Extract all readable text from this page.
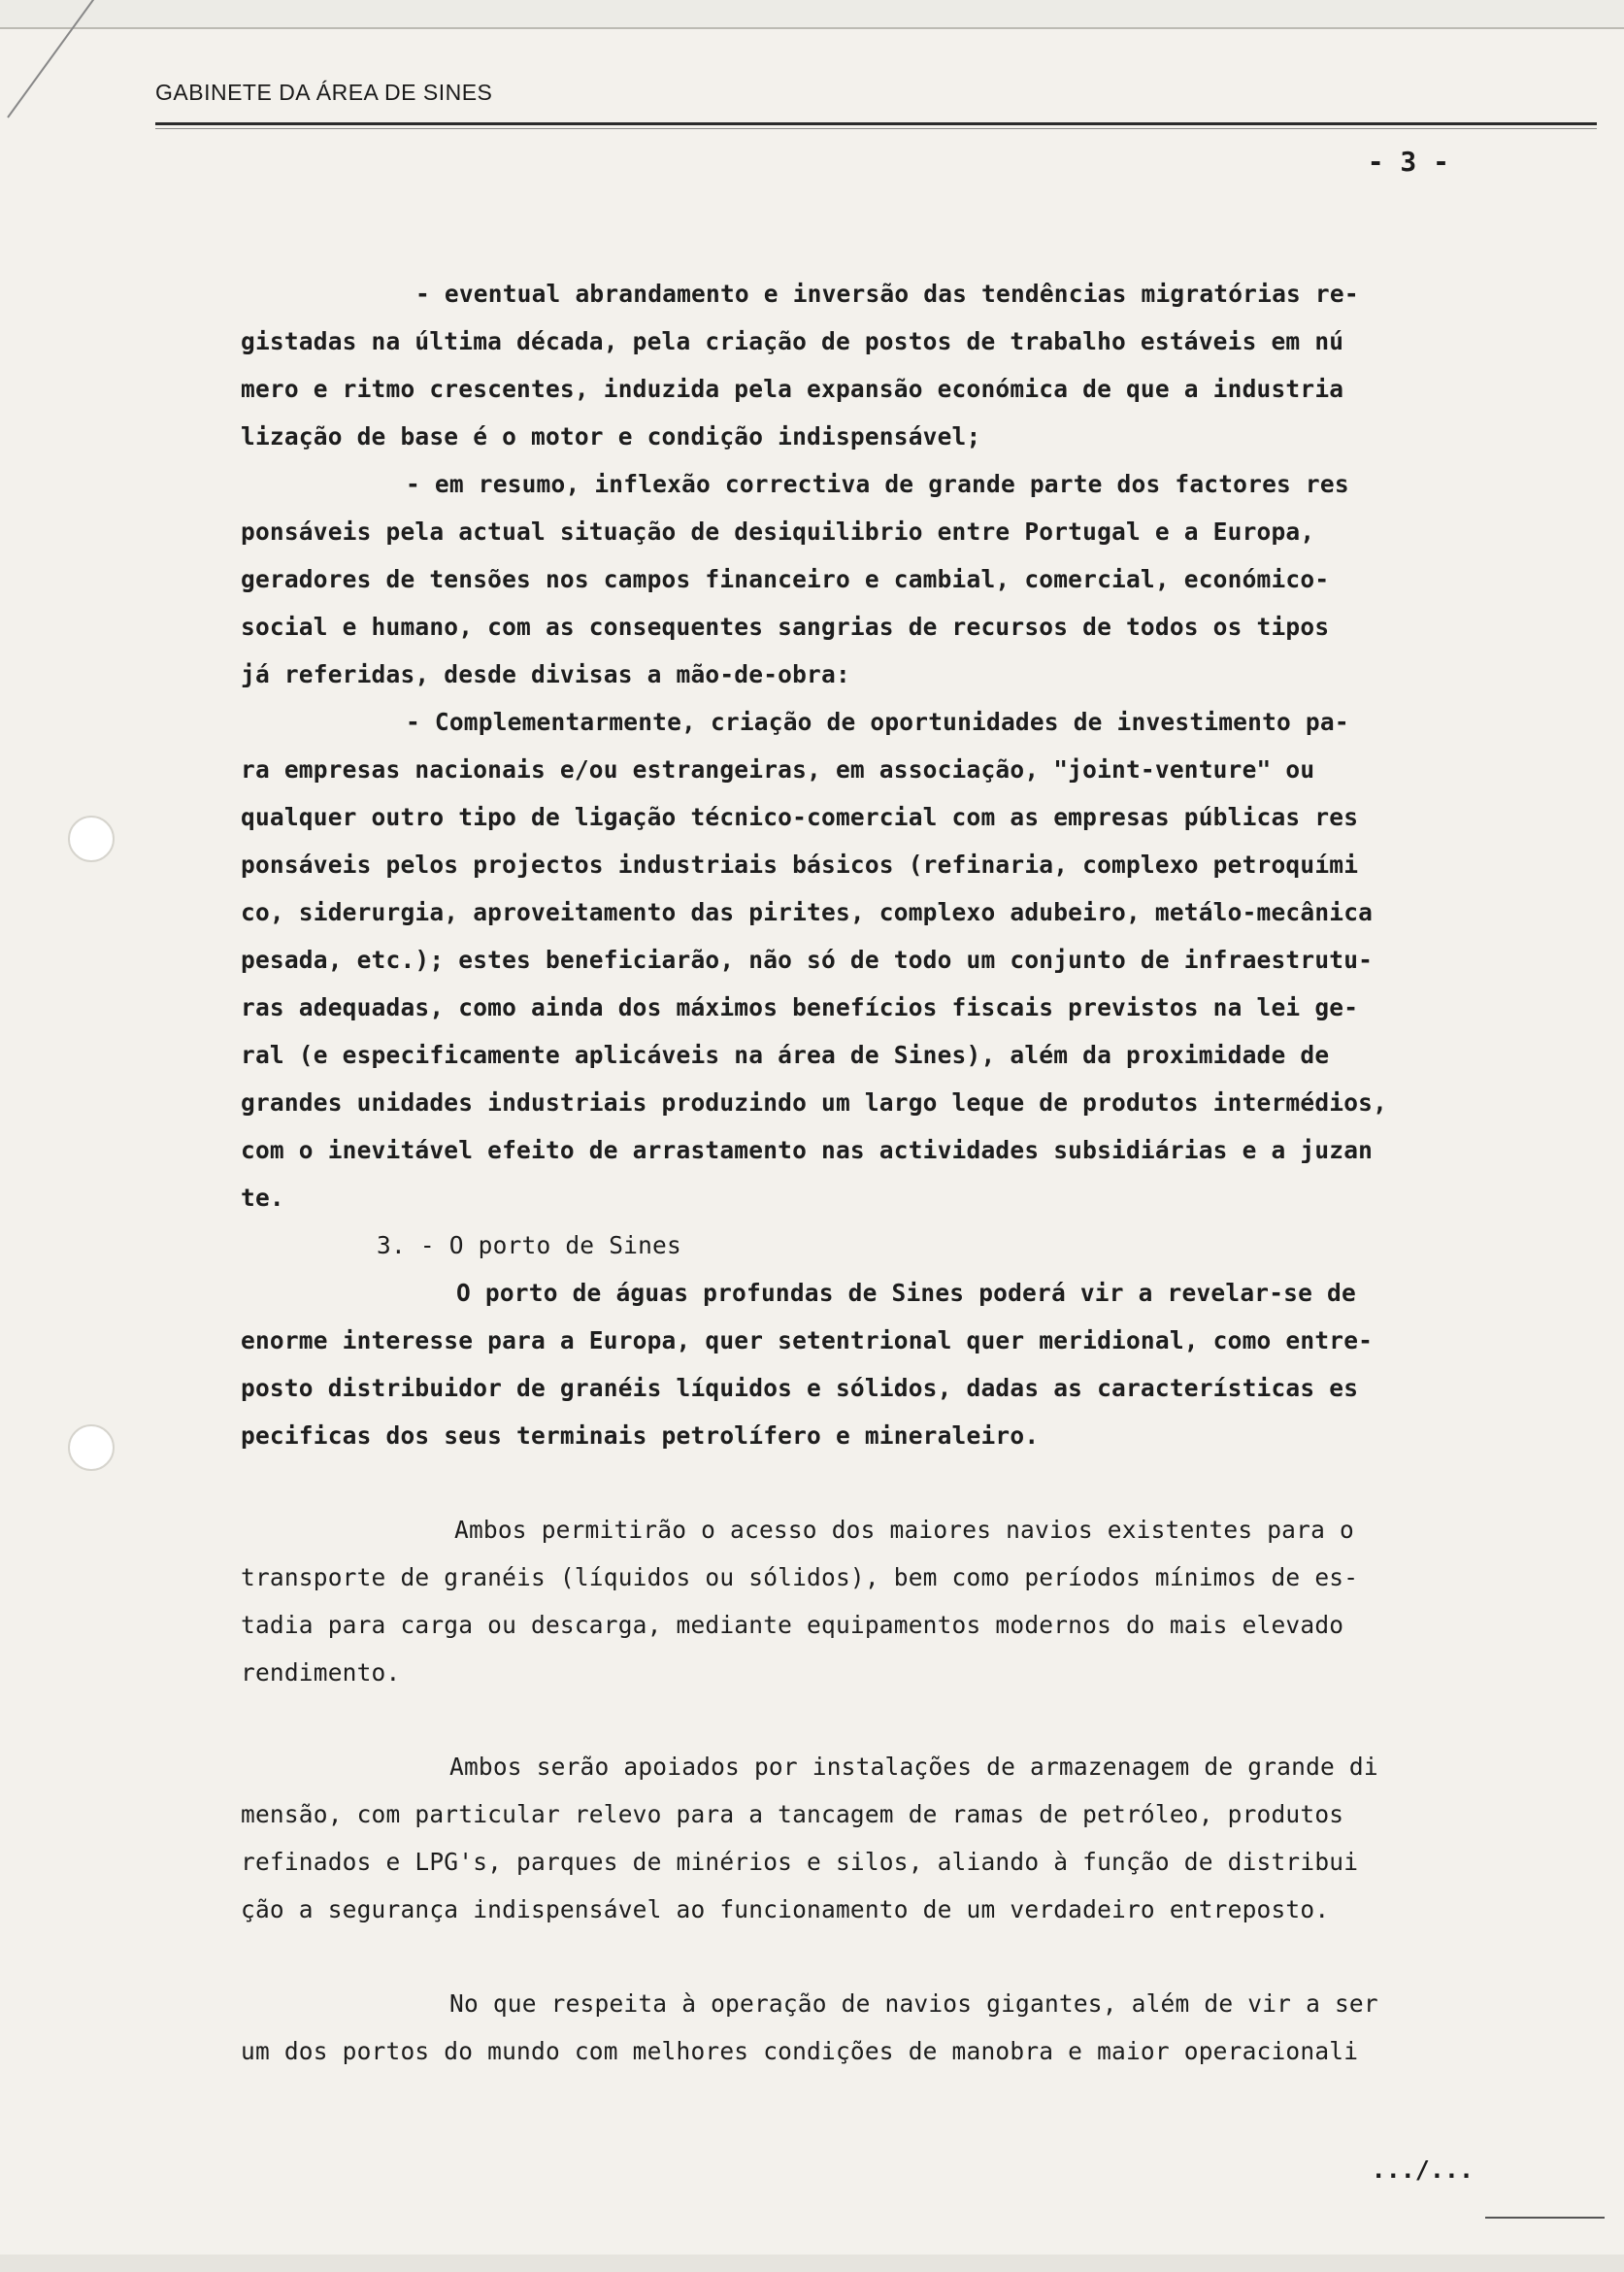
GABINETE DA ÁREA DE SINES
- 3 -
- eventual abrandamento e inversão das tendências migratórias re-
gistadas na última década, pela criação de postos de trabalho estáveis em nú
mero e ritmo crescentes, induzida pela expansão económica de que a industria
lização de base é o motor e condição indispensável;
- em resumo, inflexão correctiva de grande parte dos factores res
ponsáveis pela actual situação de desiquilibrio entre Portugal e a Europa,
geradores de tensões nos campos financeiro e cambial, comercial, económico-
social e humano, com as consequentes sangrias de recursos de todos os tipos
já referidas, desde divisas a mão-de-obra:
- Complementarmente, criação de oportunidades de investimento pa-
ra empresas nacionais e/ou estrangeiras, em associação, "joint-venture" ou
qualquer outro tipo de ligação técnico-comercial com as empresas públicas res
ponsáveis pelos projectos industriais básicos (refinaria, complexo petroquími
co, siderurgia, aproveitamento das pirites, complexo adubeiro, metálo-mecânica
pesada, etc.); estes beneficiarão, não só de todo um conjunto de infraestrutu-
ras adequadas, como ainda dos máximos benefícios fiscais previstos na lei ge-
ral (e especificamente aplicáveis na área de Sines), além da proximidade de
grandes unidades industriais produzindo um largo leque de produtos intermédios,
com o inevitável efeito de arrastamento nas actividades subsidiárias e a juzan
te.
3. - O porto de Sines
O porto de águas profundas de Sines poderá vir a revelar-se de
enorme interesse para a Europa, quer setentrional quer meridional, como entre-
posto distribuidor de granéis líquidos e sólidos, dadas as características es
pecificas dos seus terminais petrolífero e mineraleiro.
Ambos permitirão o acesso dos maiores navios existentes para o
transporte de granéis (líquidos ou sólidos), bem como períodos mínimos de es-
tadia para carga ou descarga, mediante equipamentos modernos do mais elevado
rendimento.
Ambos serão apoiados por instalações de armazenagem de grande di
mensão, com particular relevo para a tancagem de ramas de petróleo, produtos
refinados e LPG's, parques de minérios e silos, aliando à função de distribui
ção a segurança indispensável ao funcionamento de um verdadeiro entreposto.
No que respeita à operação de navios gigantes, além de vir a ser
um dos portos do mundo com melhores condições de manobra e maior operacionali
.../...
